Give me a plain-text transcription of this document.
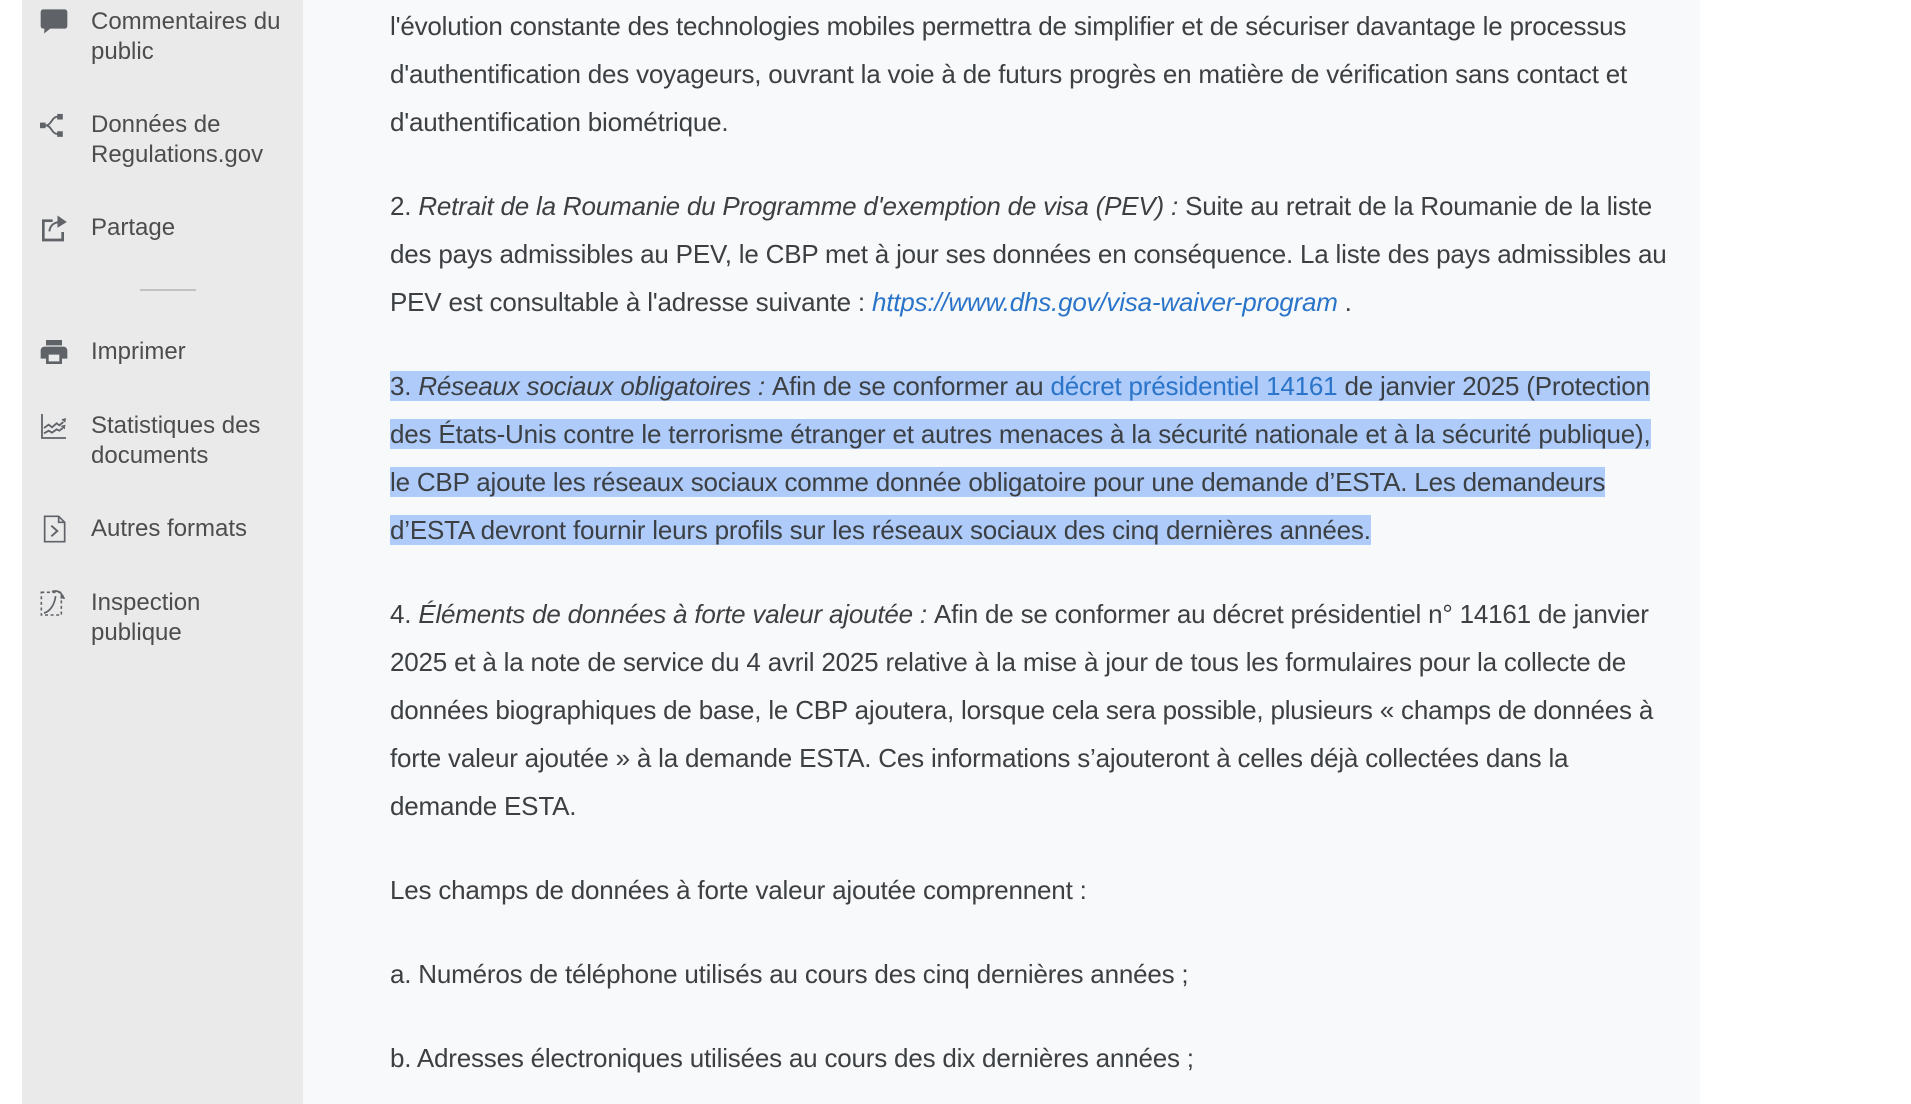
Commentaires du public
Données de Regulations.gov
Partage
Imprimer
Statistiques des documents
Autres formats
Inspection publique

l'évolution constante des technologies mobiles permettra de simplifier et de sécuriser davantage le processus d'authentification des voyageurs, ouvrant la voie à de futurs progrès en matière de vérification sans contact et d'authentification biométrique.

2. Retrait de la Roumanie du Programme d'exemption de visa (PEV) : Suite au retrait de la Roumanie de la liste des pays admissibles au PEV, le CBP met à jour ses données en conséquence. La liste des pays admissibles au PEV est consultable à l'adresse suivante : https://www.dhs.gov/visa-waiver-program .

3. Réseaux sociaux obligatoires : Afin de se conformer au décret présidentiel 14161 de janvier 2025 (Protection des États-Unis contre le terrorisme étranger et autres menaces à la sécurité nationale et à la sécurité publique), le CBP ajoute les réseaux sociaux comme donnée obligatoire pour une demande d’ESTA. Les demandeurs d’ESTA devront fournir leurs profils sur les réseaux sociaux des cinq dernières années.

4. Éléments de données à forte valeur ajoutée : Afin de se conformer au décret présidentiel n° 14161 de janvier 2025 et à la note de service du 4 avril 2025 relative à la mise à jour de tous les formulaires pour la collecte de données biographiques de base, le CBP ajoutera, lorsque cela sera possible, plusieurs « champs de données à forte valeur ajoutée » à la demande ESTA. Ces informations s’ajouteront à celles déjà collectées dans la demande ESTA.

Les champs de données à forte valeur ajoutée comprennent :

a. Numéros de téléphone utilisés au cours des cinq dernières années ;

b. Adresses électroniques utilisées au cours des dix dernières années ;
